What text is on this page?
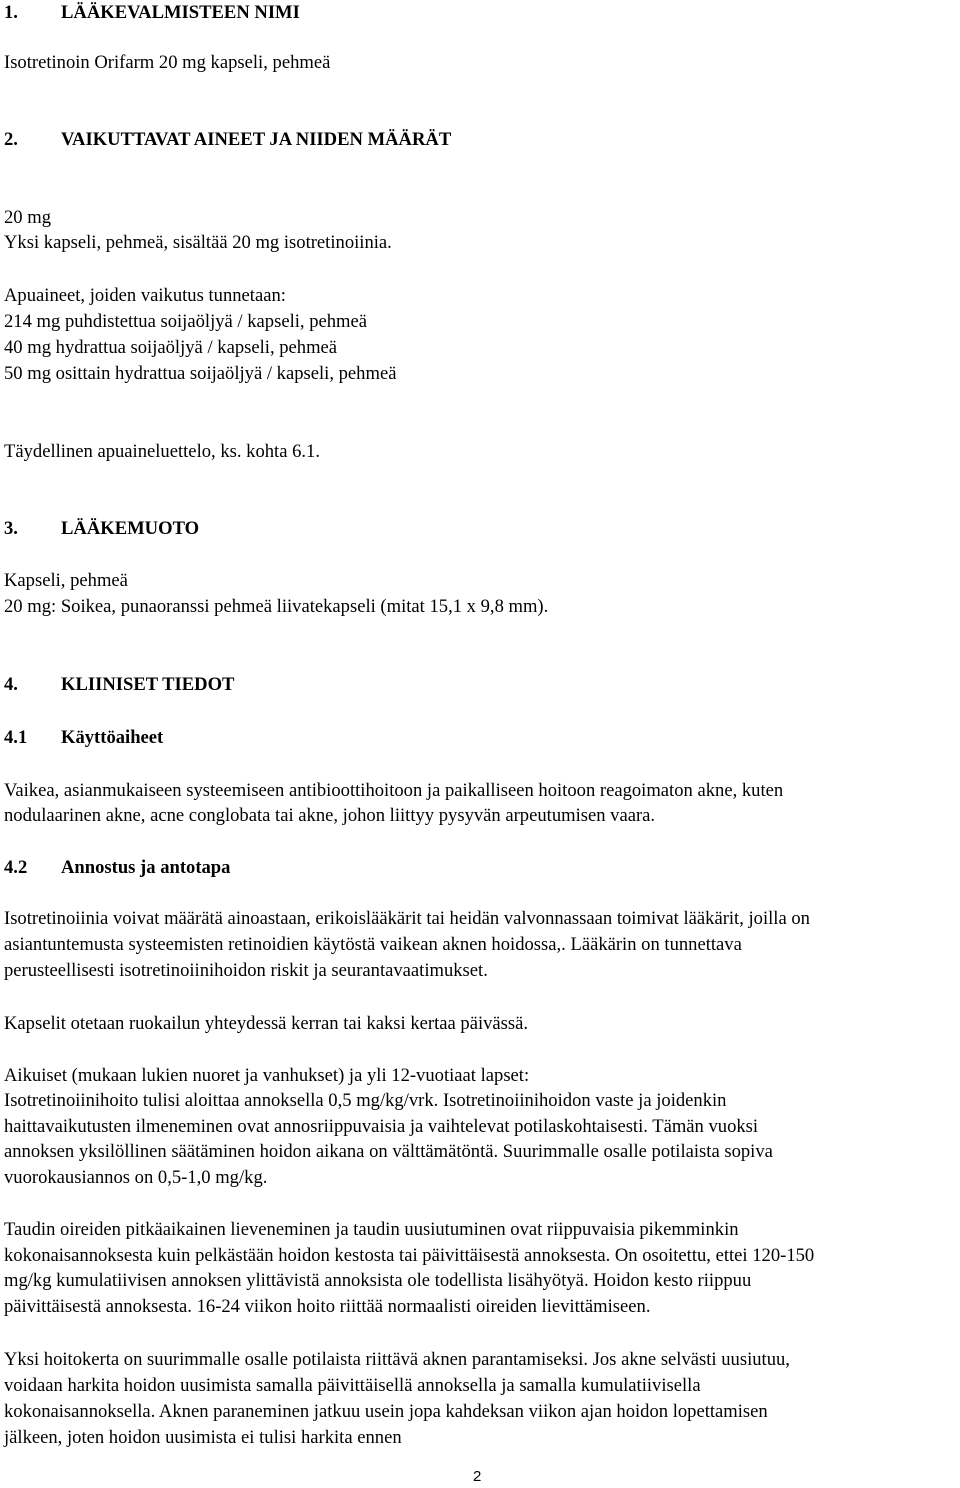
1. LÄÄKEVALMISTEEN NIMI
Isotretinoin Orifarm 20 mg kapseli, pehmeä
2. VAIKUTTAVAT AINEET JA NIIDEN MÄÄRÄT
20 mg
Yksi kapseli, pehmeä, sisältää 20 mg isotretinoiinia.
Apuaineet, joiden vaikutus tunnetaan:
214 mg puhdistettua soijaöljyä / kapseli, pehmeä
40 mg hydrattua soijaöljyä / kapseli, pehmeä
50 mg osittain hydrattua soijaöljyä / kapseli, pehmeä
Täydellinen apuaineluettelo, ks. kohta 6.1.
3. LÄÄKEMUOTO
Kapseli, pehmeä
20 mg: Soikea, punaoranssi pehmeä liivatekapseli (mitat 15,1 x 9,8 mm).
4. KLIINISET TIEDOT
4.1 Käyttöaiheet
Vaikea, asianmukaiseen systeemiseen antibioottihoitoon ja paikalliseen hoitoon reagoimaton akne, kuten
nodulaarinen akne, acne conglobata tai akne, johon liittyy pysyvän arpeutumisen vaara.
4.2 Annostus ja antotapa
Isotretinoiinia voivat määrätä ainoastaan, erikoislääkärit tai heidän valvonnassaan toimivat lääkärit, joilla on
asiantuntemusta systeemisten retinoidien käytöstä vaikean aknen hoidossa,. Lääkärin on tunnettava
perusteellisesti isotretinoiinihoidon riskit ja seurantavaatimukset.
Kapselit otetaan ruokailun yhteydessä kerran tai kaksi kertaa päivässä.
Aikuiset (mukaan lukien nuoret ja vanhukset) ja yli 12-vuotiaat lapset:
Isotretinoiinihoito tulisi aloittaa annoksella 0,5 mg/kg/vrk. Isotretinoiinihoidon vaste ja joidenkin
haittavaikutusten ilmeneminen ovat annosriippuvaisia ja vaihtelevat potilaskohtaisesti. Tämän vuoksi
annoksen yksilöllinen säätäminen hoidon aikana on välttämätöntä. Suurimmalle osalle potilaista sopiva
vuorokausiannos on 0,5-1,0 mg/kg.
Taudin oireiden pitkäaikainen lieveneminen ja taudin uusiutuminen ovat riippuvaisia pikemminkin
kokonaisannoksesta kuin pelkästään hoidon kestosta tai päivittäisestä annoksesta. On osoitettu, ettei 120-150
mg/kg kumulatiivisen annoksen ylittävistä annoksista ole todellista lisähyötyä. Hoidon kesto riippuu
päivittäisestä annoksesta. 16-24 viikon hoito riittää normaalisti oireiden lievittämiseen.
Yksi hoitokerta on suurimmalle osalle potilaista riittävä aknen parantamiseksi. Jos akne selvästi uusiutuu,
voidaan harkita hoidon uusimista samalla päivittäisellä annoksella ja samalla kumulatiivisella
kokonaisannoksella. Aknen paraneminen jatkuu usein jopa kahdeksan viikon ajan hoidon lopettamisen
jälkeen, joten hoidon uusimista ei tulisi harkita ennen
2
